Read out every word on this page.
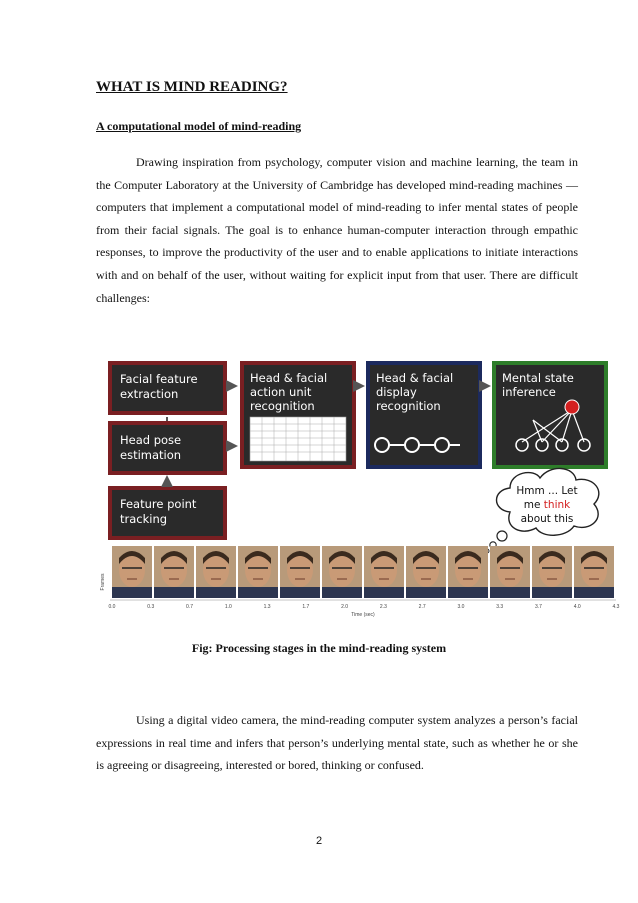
WHAT IS MIND READING?
A computational model of mind-reading

Drawing inspiration from psychology, computer vision and machine learning, the team in the Computer Laboratory at the University of Cambridge has developed mind-reading machines — computers that implement a computational model of mind-reading to infer mental states of people from their facial signals. The goal is to enhance human-computer interaction through empathic responses, to improve the productivity of the user and to enable applications to initiate interactions with and on behalf of the user, without waiting for explicit input from that user. There are difficult challenges:

Facial feature
extraction
Head pose
estimation
Feature point
tracking
Head & facial
action unit
recognition
Head & facial
display
recognition
Mental state
inference
Hmm ... Let
me think
about this
Frames
0.0	0.3	0.7	1.0	1.3	1.7	2.0	2.3	2.7	3.0	3.3	3.7	4.0	4.3
Time (sec)

Fig: Processing stages in the mind-reading system

Using a digital video camera, the mind-reading computer system analyzes a person’s facial expressions in real time and infers that person’s underlying mental state, such as whether he or she is agreeing or disagreeing, interested or bored, thinking or confused.

2
